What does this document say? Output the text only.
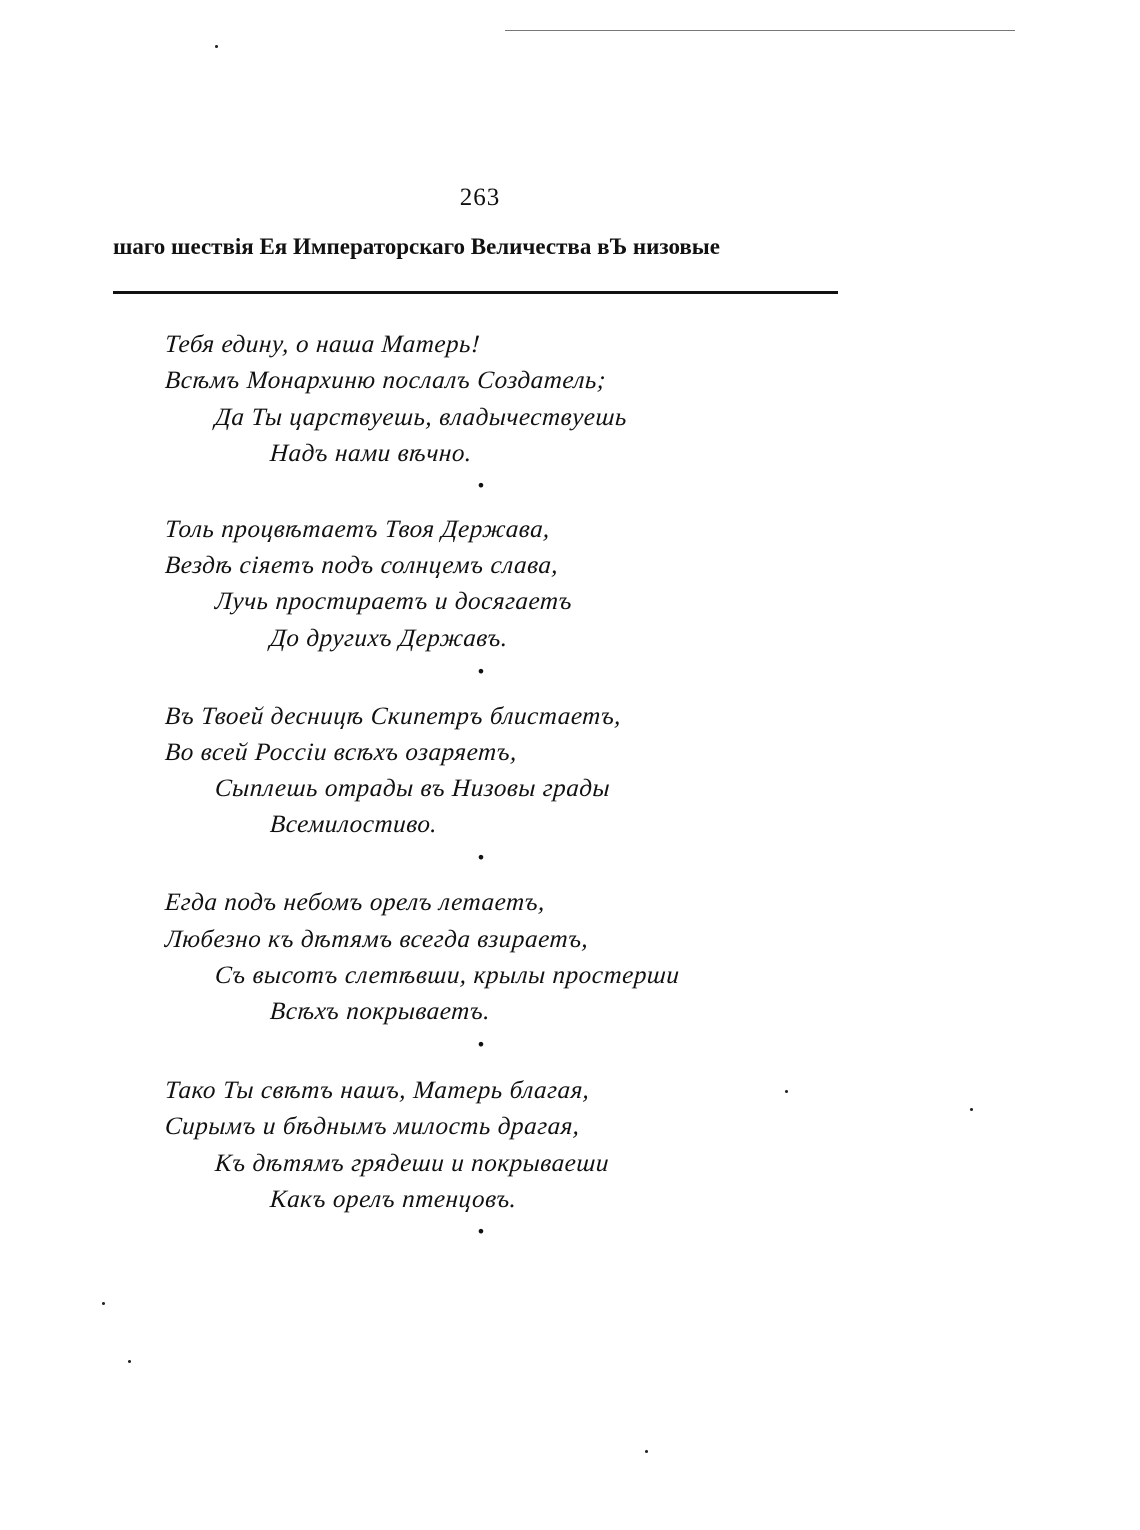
263
шаго шествія Ея Императорскаго Величества вЪ низовые
Тебя едину, о наша Матерь!
Всѣмъ Монархиню послалъ Создатель;
Да Ты царствуешь, владычествуешь
Надъ нами вѣчно.
•
Толь процвѣтаетъ Твоя Держава,
Вездѣ сіяетъ подъ солнцемъ слава,
Лучь простираетъ и досягаетъ
До другихъ Державъ.
•
Въ Твоей десницѣ Скипетръ блистаетъ,
Во всей Россіи всѣхъ озаряетъ,
Сыплешь отрады въ Низовы грады
Всемилостиво.
•
Егда подъ небомъ орелъ летаетъ,
Любезно къ дѣтямъ всегда взираетъ,
Съ высотъ слетѣвши, крылы простерши
Всѣхъ покрываетъ.
•
Тако Ты свѣтъ нашъ, Матерь благая,
Сирымъ и бѣднымъ милость драгая,
Къ дѣтямъ грядеши и покрываеши
Какъ орелъ птенцовъ.
•
